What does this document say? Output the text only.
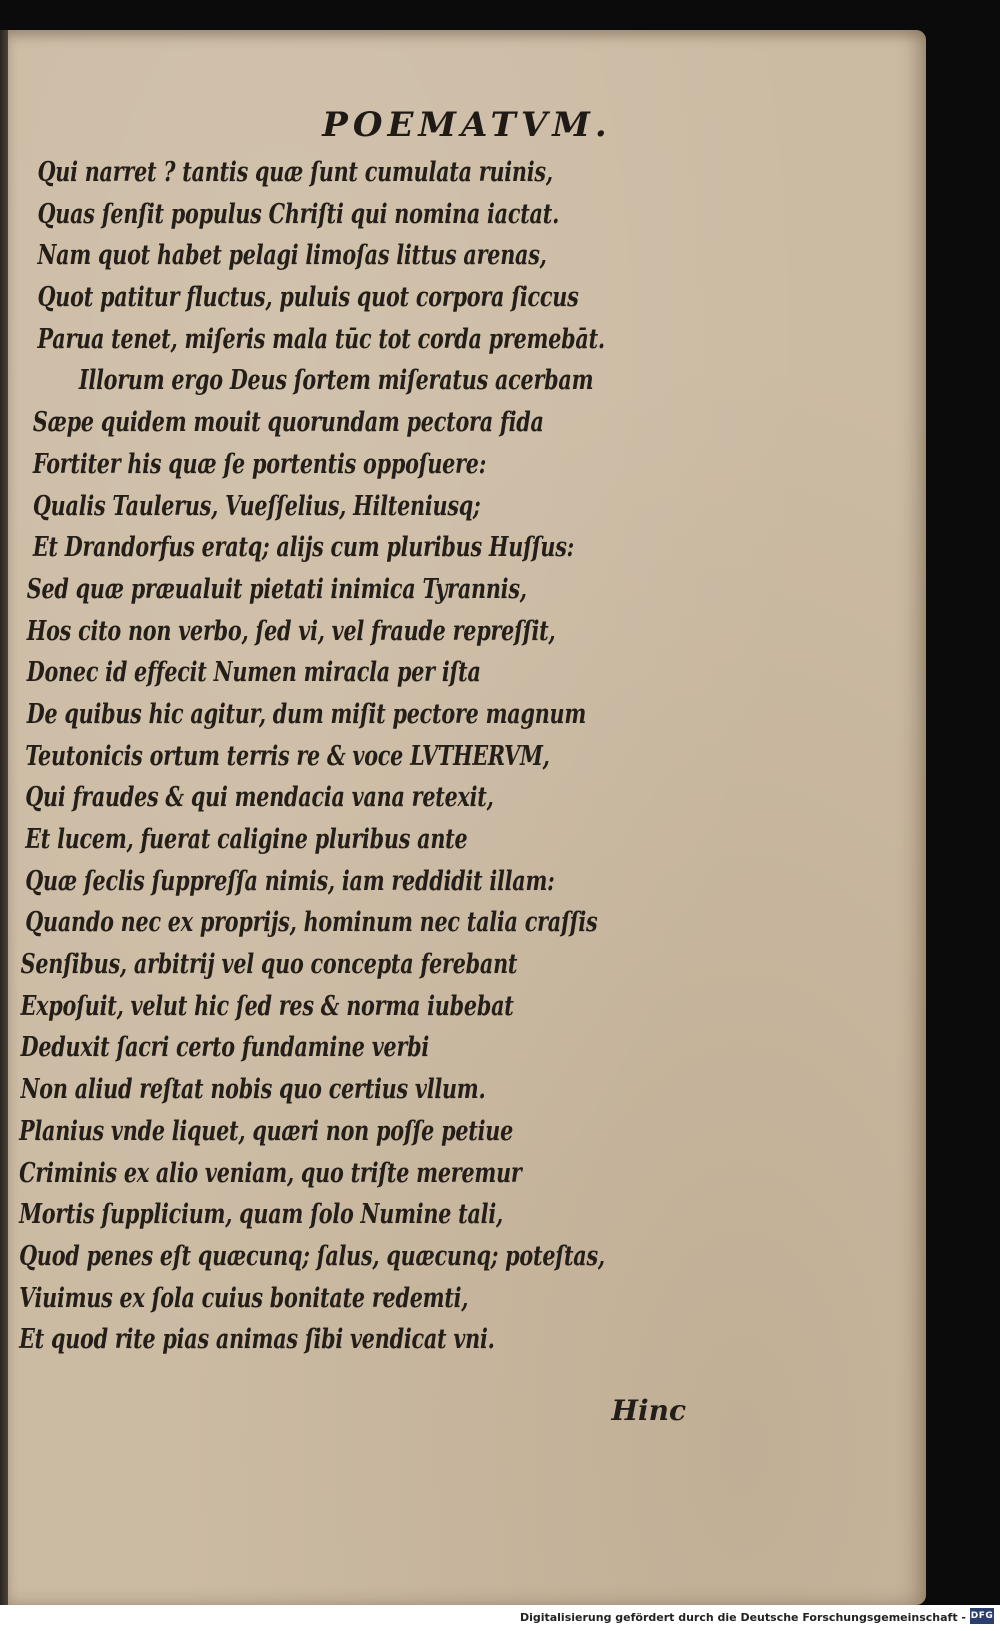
POEMATVM.
Qui narret ? tantis quæ ſunt cumulata ruinis,
Quas ſenſit populus Chriſti qui nomina iactat.
Nam quot habet pelagi limoſas littus arenas,
Quot patitur fluctus, puluis quot corpora ſiccus
Parua tenet, miſeris mala tūc tot corda premebāt.
Illorum ergo Deus ſortem miſeratus acerbam
Sæpe quidem mouit quorundam pectora fida
Fortiter his quæ ſe portentis oppoſuere:
Qualis Taulerus, Vueſſelius, Hilteniusq;
Et Drandorfus eratq; alijs cum pluribus Huſſus:
Sed quæ præualuit pietati inimica Tyrannis,
Hos cito non verbo, ſed vi, vel fraude repreſſit,
Donec id effecit Numen miracla per iſta
De quibus hic agitur, dum miſit pectore magnum
Teutonicis ortum terris re & voce LVTHERVM,
Qui fraudes & qui mendacia vana retexit,
Et lucem, fuerat caligine pluribus ante
Quæ ſeclis ſuppreſſa nimis, iam reddidit illam:
Quando nec ex proprijs, hominum nec talia craſſis
Senſibus, arbitrij vel quo concepta ferebant
Expoſuit, velut hic ſed res & norma iubebat
Deduxit ſacri certo fundamine verbi
Non aliud reſtat nobis quo certius vllum.
Planius vnde liquet, quæri non poſſe petiue
Criminis ex alio veniam, quo triſte meremur
Mortis ſupplicium, quam ſolo Numine tali,
Quod penes eſt quæcunq; ſalus, quæcunq; poteſtas,
Viuimus ex ſola cuius bonitate redemti,
Et quod rite pias animas ſibi vendicat vni.
Hinc
Digitalisierung gefördert durch die Deutsche Forschungsgemeinschaft - DFG
